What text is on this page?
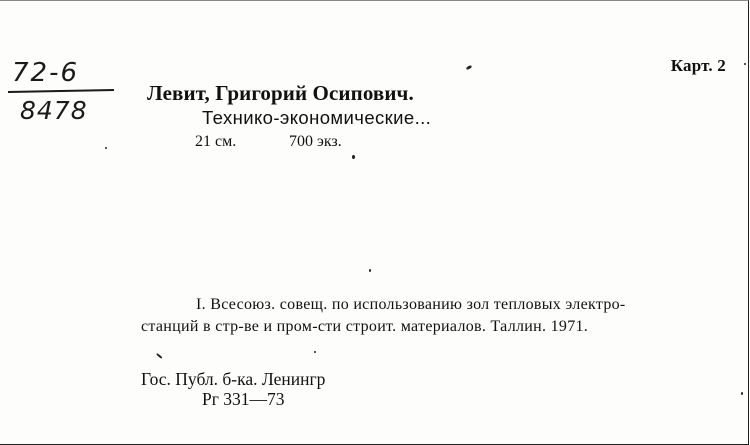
72-6
8478
Карт. 2
Левит, Григорий Осипович.
Технико-экономические...
21 см.	700 экз.
I. Всесоюз. совещ. по использованию зол тепловых электро-
станций в стр-ве и пром-сти строит. материалов. Таллин. 1971.
Гос. Публ. б-ка. Ленингр
Рг 331—73
